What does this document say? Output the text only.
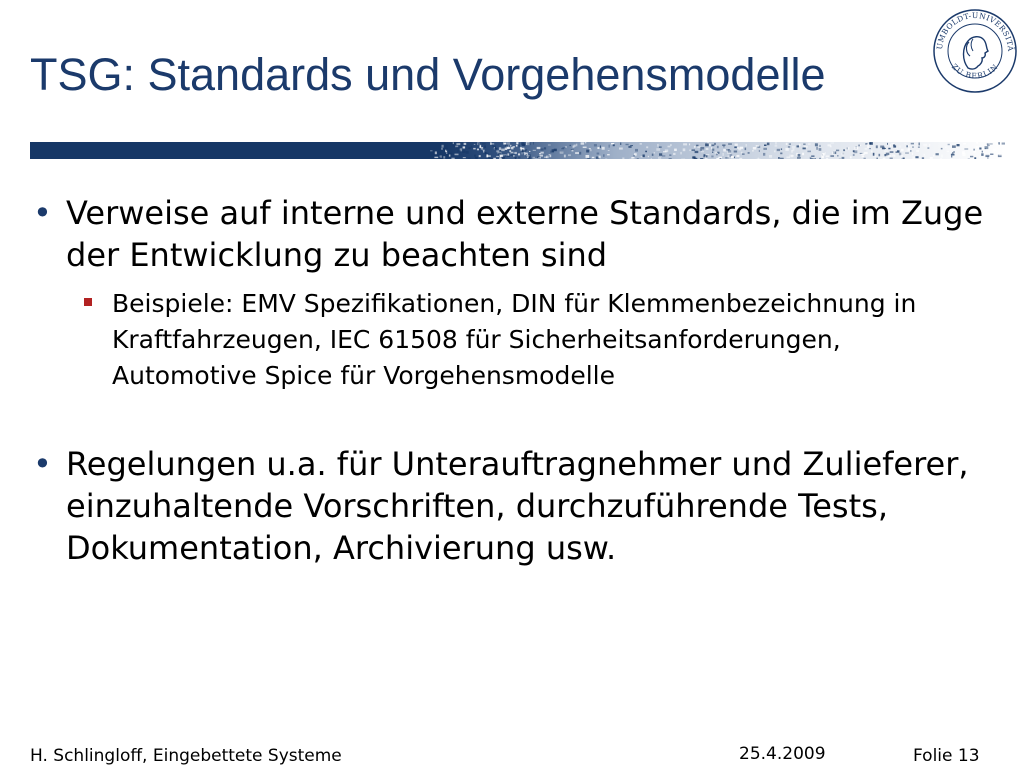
TSG: Standards und Vorgehensmodelle
UMBOLDT-UNIVERSITÄ
ZU BERLIN
• Verweise auf interne und externe Standards, die im Zuge der Entwicklung zu beachten sind
Beispiele: EMV Spezifikationen, DIN für Klemmenbezeichnung in Kraftfahrzeugen, IEC 61508 für Sicherheitsanforderungen, Automotive Spice für Vorgehensmodelle
• Regelungen u.a. für Unterauftragnehmer und Zulieferer, einzuhaltende Vorschriften, durchzuführende Tests, Dokumentation, Archivierung usw.
H. Schlingloff, Eingebettete Systeme	25.4.2009	Folie 13
